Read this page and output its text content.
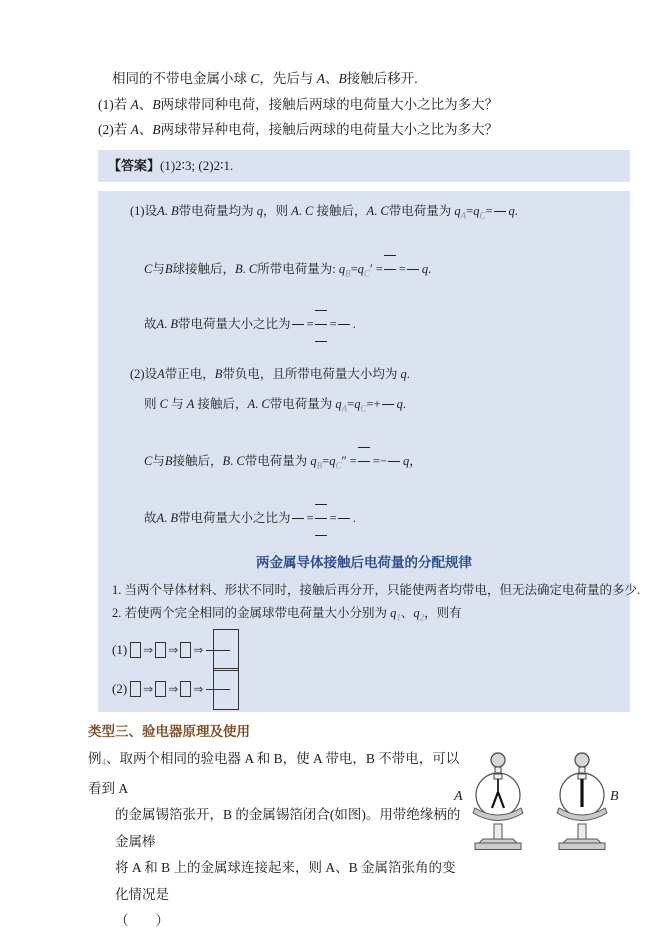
相同的不带电金属小球 C，先后与 A、B接触后移开.
(1)若 A、B两球带同种电荷，接触后两球的电荷量大小之比为多大？
(2)若 A、B两球带异种电荷，接触后两球的电荷量大小之比为多大？
【答案】(1)2∶3; (2)2∶1.
(1)设A. B带电荷量均为 q，则 A. C 接触后，A. C带电荷量为 $q_A=q_C= q$.
C与B球接触后，B. C所带电荷量为: $q_B=q_C'$ = = q.
故A. B带电荷量大小之比为 = = .
(2)设A带正电，B带负电，且所带电荷量大小均为 q.
则 C 与 A 接触后，A. C带电荷量为 $q_A=q_C=+ q$.
C与B接触后，B. C带电荷量为 $q_B=q_C''$ = =− q，
故A. B带电荷量大小之比为 = = .
两金属导体接触后电荷量的分配规律
1. 当两个导体材料、形状不同时，接触后再分开，只能使两者均带电，但无法确定电荷量的多少.
2. 若使两个完全相同的金属球带电荷量大小分别为 $q_1$、$q_2$，则有
(1) ⇒ ⇒ ⇒
(2) ⇒ ⇒ ⇒
类型三、验电器原理及使用
例4、取两个相同的验电器 A 和 B，使 A 带电，B 不带电，可以看到 A
的金属锡箔张开，B 的金属锡箔闭合(如图)。用带绝缘柄的金属棒
将 A 和 B 上的金属球连接起来，则 A、B 金属箔张角的变化情况是
（　　）
A
	B
